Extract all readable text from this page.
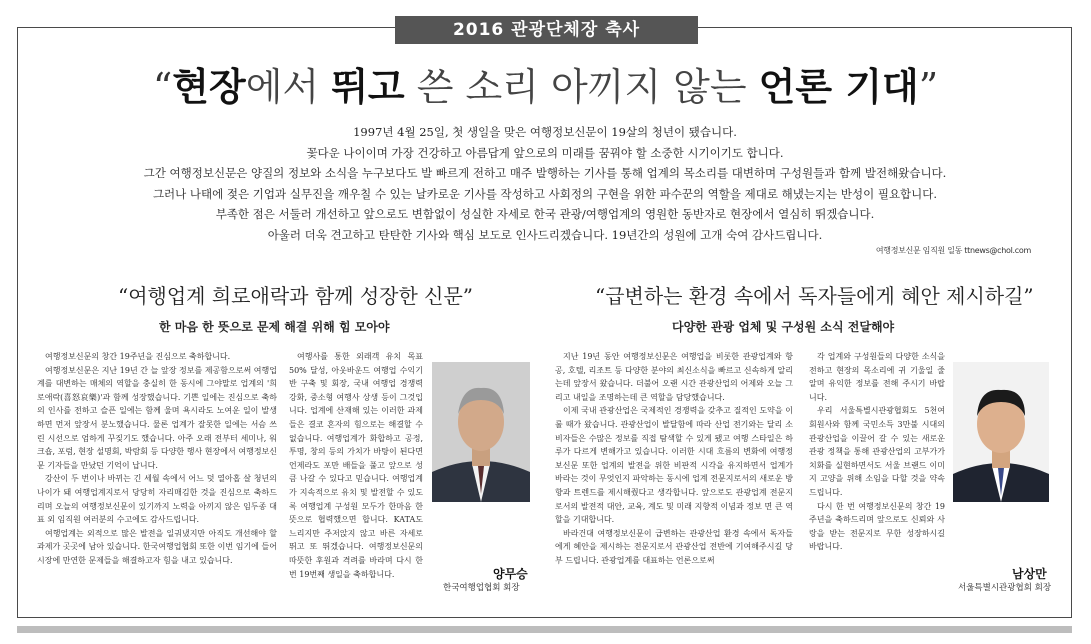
2016 관광단체장 축사
“현장에서 뛰고 쓴 소리 아끼지 않는 언론 기대”

1997년 4월 25일, 첫 생일을 맞은 여행정보신문이 19살의 청년이 됐습니다.

꽃다운 나이이며 가장 건강하고 아름답게 앞으로의 미래를 꿈꿔야 할 소중한 시기이기도 합니다.

그간 여행정보신문은 양질의 정보와 소식을 누구보다도 발 빠르게 전하고 매주 발행하는 기사를 통해 업계의 목소리를 대변하며 구성원들과 함께 발전해왔습니다.

그러나 나태에 젖은 기업과 실무진을 깨우칠 수 있는 날카로운 기사를 작성하고 사회정의 구현을 위한 파수꾼의 역할을 제대로 해냈는지는 반성이 필요합니다.

부족한 점은 서둘러 개선하고 앞으로도 변함없이 성실한 자세로 한국 관광/여행업계의 영원한 동반자로 현장에서 열심히 뛰겠습니다.

아울러 더욱 견고하고 탄탄한 기사와 핵심 보도로 인사드리겠습니다. 19년간의 성원에 고개 숙여 감사드립니다.

여행정보신문 임직원 일동 ttnews@chol.com
“여행업계 희로애락과 함께 성장한 신문”
한 마음 한 뜻으로 문제 해결 위해 힘 모아야

여행정보신문의 창간 19주년을 진심으로 축하합니다.

여행정보신문은 지난 19년 간 늘 앞장 정보를 제공함으로써 여행업계를 대변하는 매체의 역할을 충실히 한 동시에 그야말로 업계의 '희로애락(喜怒哀樂)'과 함께 성장했습니다. 기쁜 일에는 진심으로 축하의 인사를 전하고 슬픈 일에는 함께 울며 욕시라도 노여운 일이 발생하면 먼저 앞장서 분노했습니다. 물론 업계가 잘못한 일에는 서슴 쓰린 시선으로 엄하게 꾸짖기도 했습니다. 아주 오래 전부터 세미나, 워크숍, 포럼, 현장 설명회, 박람회 등 다양한 행사 현장에서 여행정보신문 기자들을 만났던 기억이 납니다.

강산이 두 번이나 바뀌는 긴 세월 속에서 어느 덧 열아홉 살 청년의 나이가 돼 여행업계지로서 당당히 자리매김한 것을 진심으로 축하드리며 오늘의 여행정보신문이 있기까지 노력을 아끼지 않은 임두종 대표 외 임직원 여러분의 수고에도 감사드립니다.

여행업계는 외적으로 많은 발전을 일궈냈지만 아직도 개선해야 할 과제가 곳곳에 남아 있습니다. 한국여행업협회 또한 이번 임기에 들어 시장에 만연한 문제들을 해결하고자 힘을 내고 있습니다.

여행사를 통한 외래객 유치 목표 50% 달성, 아웃바운드 여행업 수익기반 구축 및 회장, 국내 여행업 경쟁력 강화, 중소형 여행사 상생 등이 그것입니다. 업계에 산재해 있는 이러한 과제들은 결코 혼자의 힘으로는 해결할 수 없습니다. 여행업계가 화합하고 공정, 투명, 창의 등의 가치가 바탕이 된다면 언제라도 포만 배들을 풀고 앞으로 성큼 나갈 수 있다고 믿습니다. 여행업계가 지속적으로 유치 및 발전할 수 있도록 여행업계 구성원 모두가 한마음 한뜻으로 협력했으면 합니다. KATA도 느리지만 주저앉지 않고 바른 자세로 뛰고 또 뛰겠습니다. 여행정보신문의 따뜻한 후원과 격려를 바라며 다시 한 번 19번째 생일을 축하합니다.	양무승
한국여행업협회 회장
“급변하는 환경 속에서 독자들에게 혜안 제시하길”
다양한 관광 업체 및 구성원 소식 전달해야

지난 19년 동안 여행정보신문은 여행업을 비롯한 관광업계와 항공, 호텔, 리조트 등 다양한 분야의 최신소식을 빠르고 신속하게 알리는데 앞장서 왔습니다. 더불어 오랜 시간 관광산업의 어제와 오늘 그리고 내일을 조명하는데 큰 역할을 담당했습니다.

이제 국내 관광산업은 국제적인 경쟁력을 갖추고 질적인 도약을 이룰 때가 왔습니다. 관광산업이 발달함에 따라 산업 전기와는 달리 소비자들은 수많은 정보를 직접 탐색할 수 있게 됐고 여행 스타일은 하루가 다르게 변해가고 있습니다. 이러한 시대 흐름의 변화에 여행정보신문 또한 업계의 발전을 위한 비판적 시각을 유지하면서 업계가 바라는 것이 무엇인지 파악하는 동시에 업계 전문지로서의 새로운 방향과 트렌드를 제시해줬다고 생각합니다. 앞으로도 관광업계 전문지로서의 발전적 대안, 교육, 계도 및 미래 지향적 이념과 정보 면 큰 역할을 기대합니다.

바라건대 여행정보신문이 급변하는 관광산업 환경 속에서 독자들에게 혜안을 제시하는 전문지로서 관광산업 전반에 기여해주시길 당부 드립니다. 관광업계를 대표하는 언론으로써

각 업계와 구성원들의 다양한 소식을 전하고 현장의 목소리에 귀 기울일 줄 알며 유익한 정보를 전해 주시기 바랍니다.

우리 서울특별시관광협회도 5천여 회원사와 함께 국민소득 3만불 시대의 관광산업을 이끌어 갈 수 있는 새로운 관광 정책을 통해 관광산업의 고부가가치화를 실현하면서도 서울 브랜드 이미지 고양을 위해 소임을 다할 것을 약속드립니다.

다시 한 번 여행정보신문의 창간 19주년을 축하드리며 앞으로도 신뢰와 사랑을 받는 전문지로 무한 성장하시길 바랍니다.

남상만
서울특별시관광협회 회장
